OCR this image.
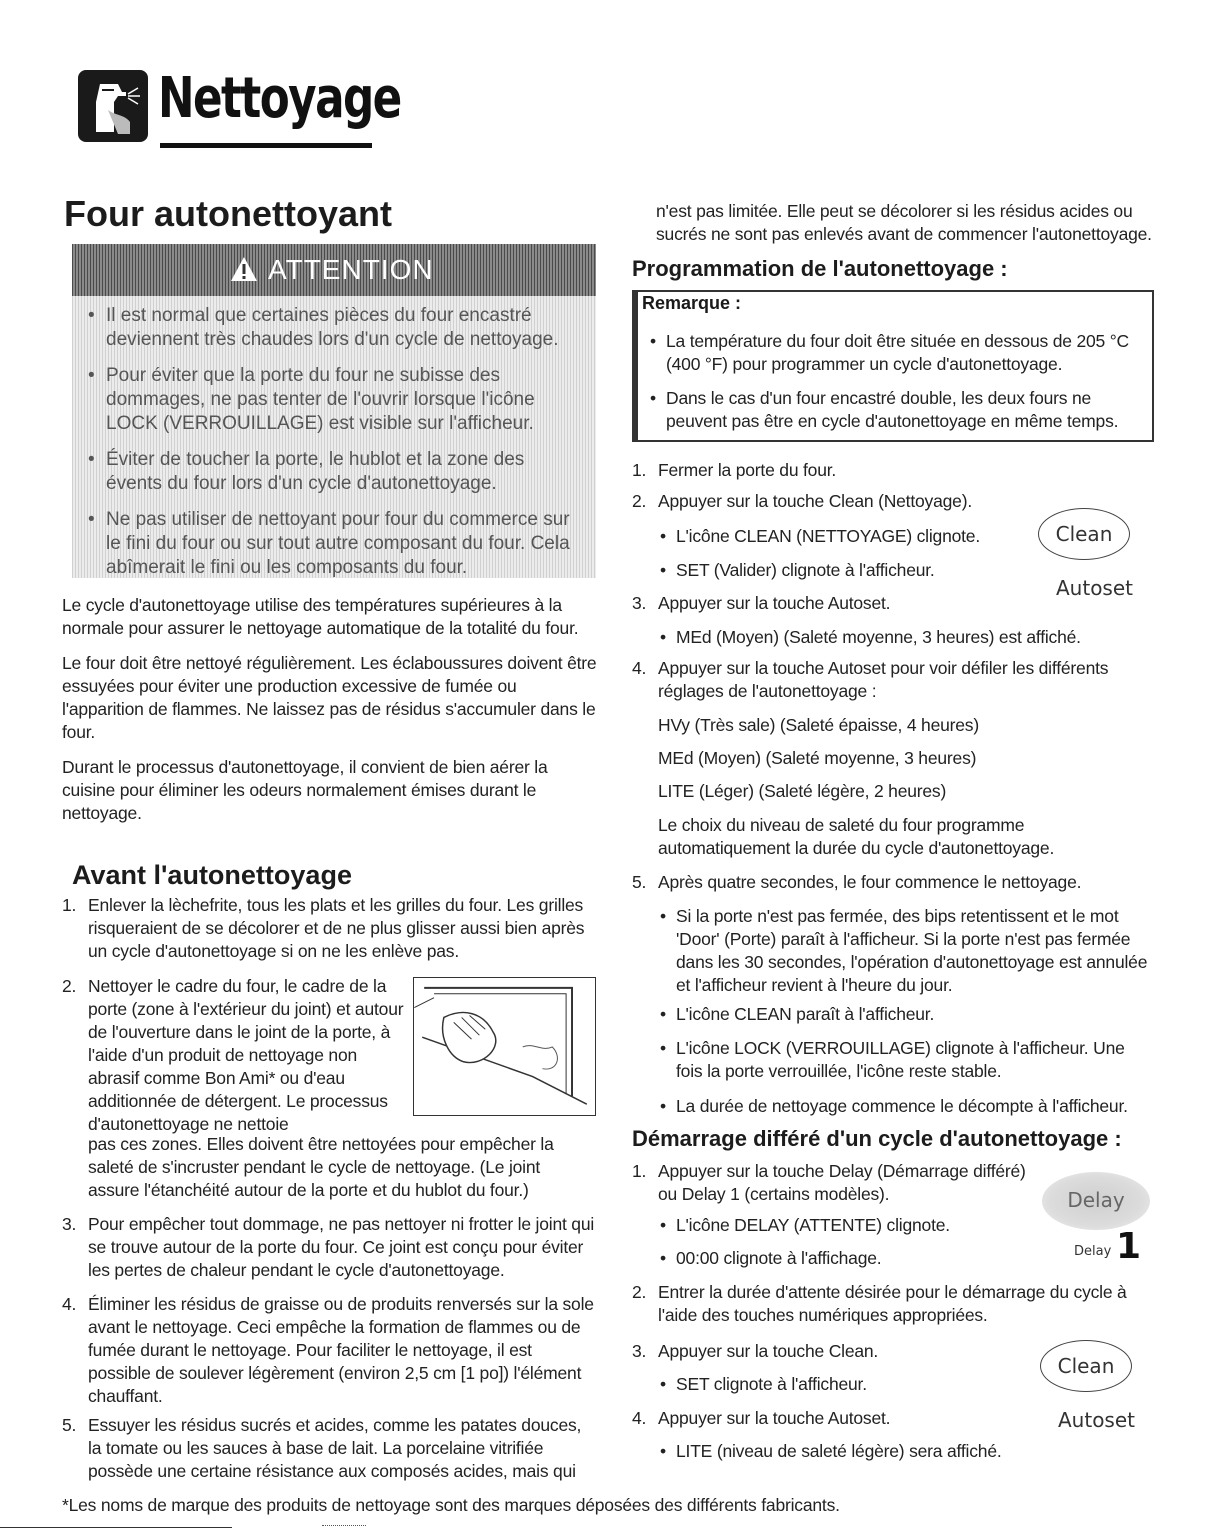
Nettoyage
Four autonettoyant
ATTENTION
• Il est normal que certaines pièces du four encastré deviennent très chaudes lors d'un cycle de nettoyage.
• Pour éviter que la porte du four ne subisse des dommages, ne pas tenter de l'ouvrir lorsque l'icône LOCK (VERROUILLAGE) est visible sur l'afficheur.
• Éviter de toucher la porte, le hublot et la zone des évents du four lors d'un cycle d'autonettoyage.
• Ne pas utiliser de nettoyant pour four du commerce sur le fini du four ou sur tout autre composant du four. Cela abîmerait le fini ou les composants du four.

Le cycle d'autonettoyage utilise des températures supérieures à la normale pour assurer le nettoyage automatique de la totalité du four.

Le four doit être nettoyé régulièrement. Les éclaboussures doivent être essuyées pour éviter une production excessive de fumée ou l'apparition de flammes. Ne laissez pas de résidus s'accumuler dans le four.

Durant le processus d'autonettoyage, il convient de bien aérer la cuisine pour éliminer les odeurs normalement émises durant le nettoyage.

Avant l'autonettoyage
1. Enlever la lèchefrite, tous les plats et les grilles du four. Les grilles risqueraient de se décolorer et de ne plus glisser aussi bien après un cycle d'autonettoyage si on ne les enlève pas.

2. Nettoyer le cadre du four, le cadre de la porte (zone à l'extérieur du joint) et autour de l'ouverture dans le joint de la porte, à l'aide d'un produit de nettoyage non abrasif comme Bon Ami* ou d'eau additionnée de détergent. Le processus d'autonettoyage ne nettoie

pas ces zones. Elles doivent être nettoyées pour empêcher la saleté de s'incruster pendant le cycle de nettoyage. (Le joint assure l'étanchéité autour de la porte et du hublot du four.)

3. Pour empêcher tout dommage, ne pas nettoyer ni frotter le joint qui se trouve autour de la porte du four. Ce joint est conçu pour éviter les pertes de chaleur pendant le cycle d'autonettoyage.

4. Éliminer les résidus de graisse ou de produits renversés sur la sole avant le nettoyage. Ceci empêche la formation de flammes ou de fumée durant le nettoyage. Pour faciliter le nettoyage, il est possible de soulever légèrement (environ 2,5 cm [1 po]) l'élément chauffant.

5. Essuyer les résidus sucrés et acides, comme les patates douces, la tomate ou les sauces à base de lait. La porcelaine vitrifiée possède une certaine résistance aux composés acides, mais qui

n'est pas limitée. Elle peut se décolorer si les résidus acides ou sucrés ne sont pas enlevés avant de commencer l'autonettoyage.

Programmation de l'autonettoyage :
Remarque :

• La température du four doit être située en dessous de 205 °C (400 °F) pour programmer un cycle d'autonettoyage.

• Dans le cas d'un four encastré double, les deux fours ne peuvent pas être en cycle d'autonettoyage en même temps.

1. Fermer la porte du four.

2. Appuyer sur la touche Clean (Nettoyage).

• L'icône CLEAN (NETTOYAGE) clignote.

• SET (Valider) clignote à l'afficheur.

Clean
Autoset
3. Appuyer sur la touche Autoset.

• MEd (Moyen) (Saleté moyenne, 3 heures) est affiché.

4. Appuyer sur la touche Autoset pour voir défiler les différents réglages de l'autonettoyage :

HVy (Très sale) (Saleté épaisse, 4 heures)

MEd (Moyen) (Saleté moyenne, 3 heures)

LITE (Léger) (Saleté légère, 2 heures)

Le choix du niveau de saleté du four programme automatiquement la durée du cycle d'autonettoyage.

5. Après quatre secondes, le four commence le nettoyage.

• Si la porte n'est pas fermée, des bips retentissent et le mot 'Door' (Porte) paraît à l'afficheur. Si la porte n'est pas fermée dans les 30 secondes, l'opération d'autonettoyage est annulée et l'afficheur revient à l'heure du jour.

• L'icône CLEAN paraît à l'afficheur.

• L'icône LOCK (VERROUILLAGE) clignote à l'afficheur. Une fois la porte verrouillée, l'icône reste stable.

• La durée de nettoyage commence le décompte à l'afficheur.

Démarrage différé d'un cycle d'autonettoyage :
1. Appuyer sur la touche Delay (Démarrage différé) ou Delay 1 (certains modèles).

• L'icône DELAY (ATTENTE) clignote.

• 00:00 clignote à l'affichage.

Delay
Delay 1
2. Entrer la durée d'attente désirée pour le démarrage du cycle à l'aide des touches numériques appropriées.

3. Appuyer sur la touche Clean.

• SET clignote à l'afficheur.

Clean
Autoset
4. Appuyer sur la touche Autoset.

• LITE (niveau de saleté légère) sera affiché.

*Les noms de marque des produits de nettoyage sont des marques déposées des différents fabricants.
